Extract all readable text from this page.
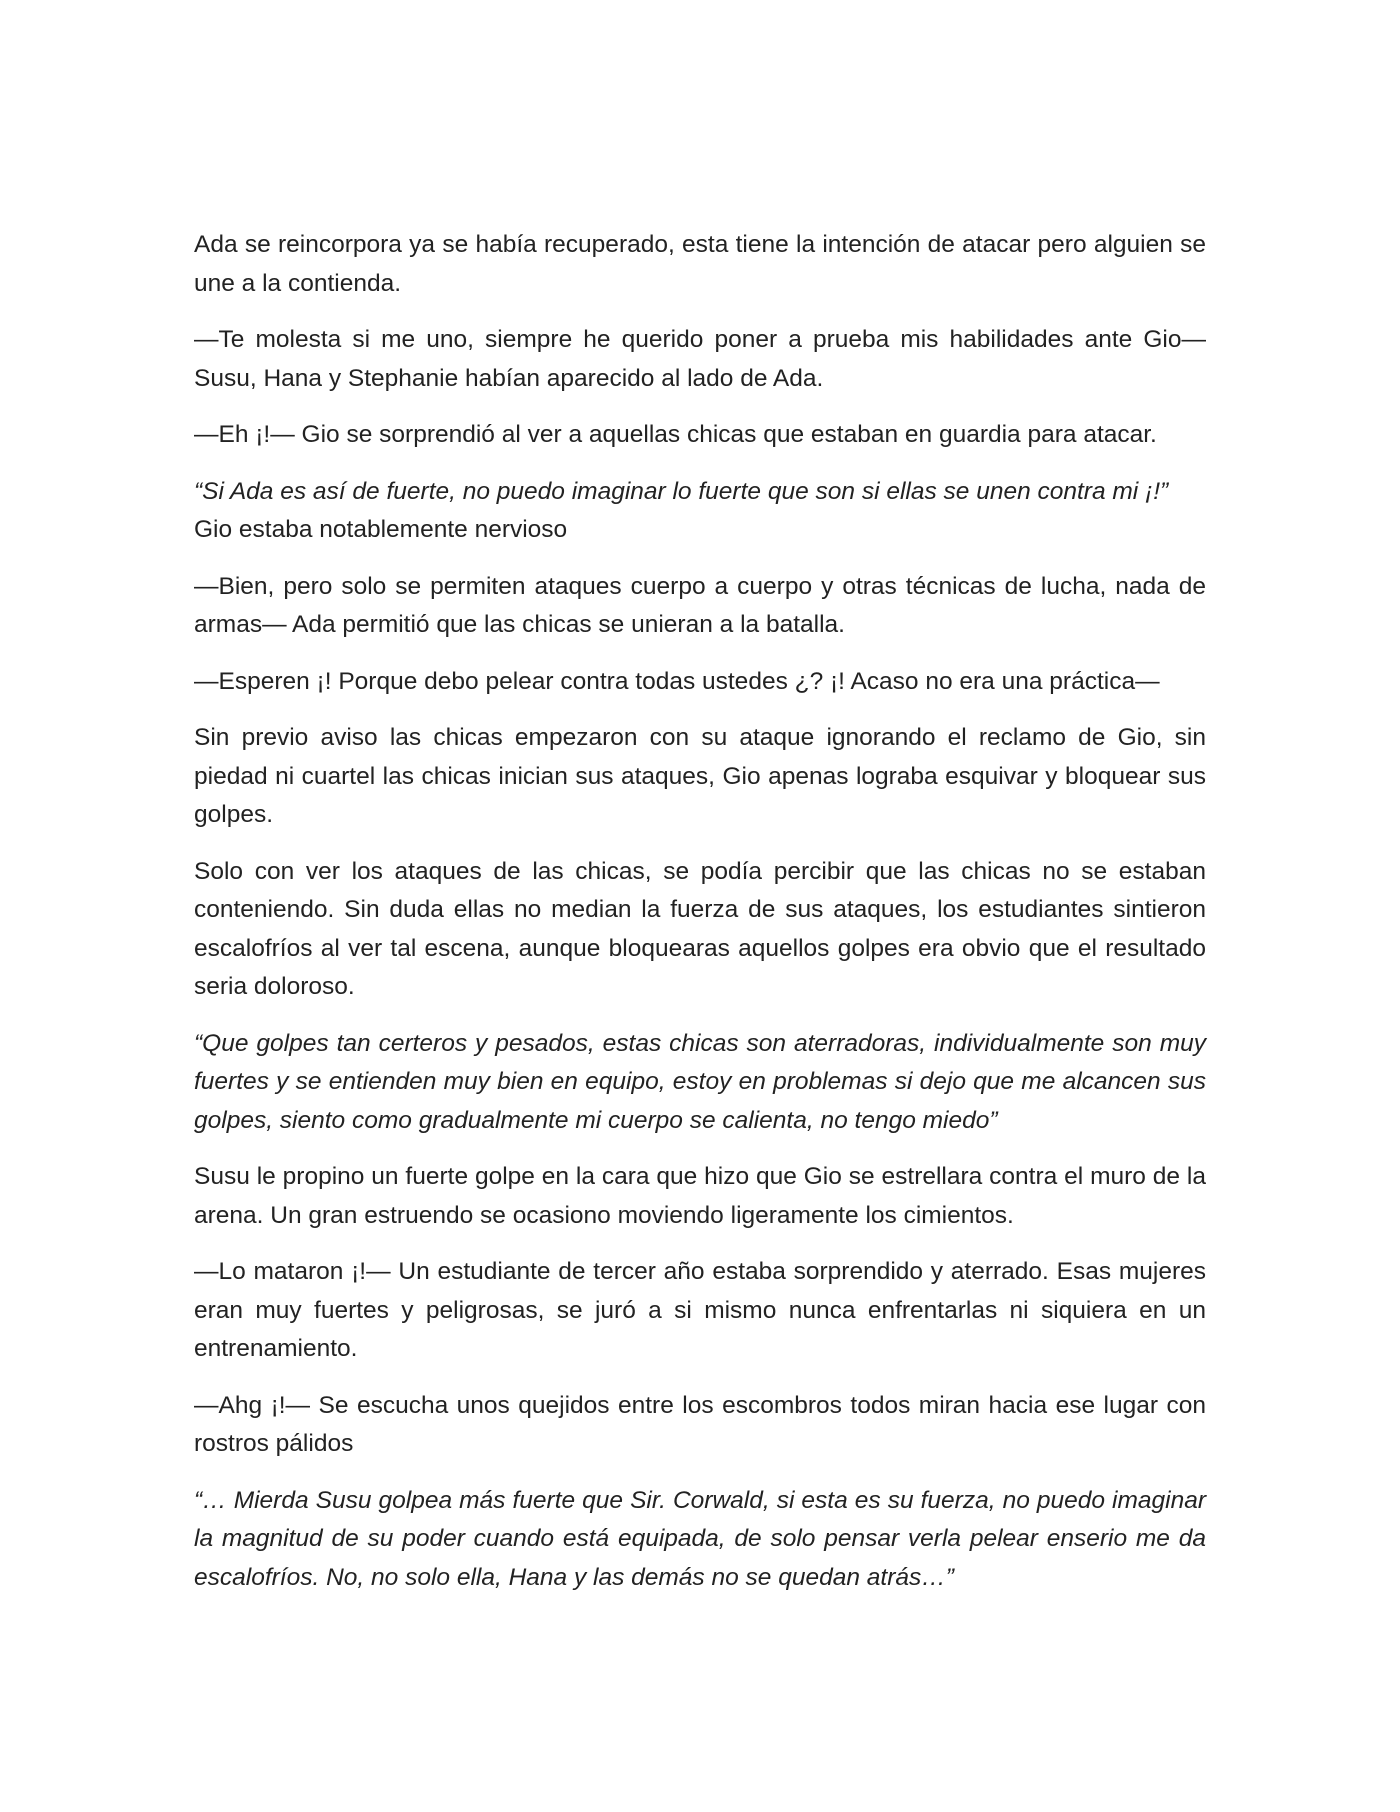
Ada se reincorpora ya se había recuperado, esta tiene la intención de atacar pero alguien se une a la contienda.

—Te molesta si me uno, siempre he querido poner a prueba mis habilidades ante Gio— Susu, Hana y Stephanie habían aparecido al lado de Ada.

—Eh ¡!— Gio se sorprendió al ver a aquellas chicas que estaban en guardia para atacar.

“Si Ada es así de fuerte, no puedo imaginar lo fuerte que son si ellas se unen contra mi ¡!”
Gio estaba notablemente nervioso

—Bien, pero solo se permiten ataques cuerpo a cuerpo y otras técnicas de lucha, nada de armas— Ada permitió que las chicas se unieran a la batalla.

—Esperen ¡! Porque debo pelear contra todas ustedes ¿? ¡! Acaso no era una práctica—

Sin previo aviso las chicas empezaron con su ataque ignorando el reclamo de Gio, sin piedad ni cuartel las chicas inician sus ataques, Gio apenas lograba esquivar y bloquear sus golpes.

Solo con ver los ataques de las chicas, se podía percibir que las chicas no se estaban conteniendo. Sin duda ellas no median la fuerza de sus ataques, los estudiantes sintieron escalofríos al ver tal escena, aunque bloquearas aquellos golpes era obvio que el resultado seria doloroso.

“Que golpes tan certeros y pesados, estas chicas son aterradoras, individualmente son muy fuertes y se entienden muy bien en equipo, estoy en problemas si dejo que me alcancen sus golpes, siento como gradualmente mi cuerpo se calienta, no tengo miedo”

Susu le propino un fuerte golpe en la cara que hizo que Gio se estrellara contra el muro de la arena. Un gran estruendo se ocasiono moviendo ligeramente los cimientos.

—Lo mataron ¡!— Un estudiante de tercer año estaba sorprendido y aterrado. Esas mujeres eran muy fuertes y peligrosas, se juró a si mismo nunca enfrentarlas ni siquiera en un entrenamiento.

—Ahg ¡!— Se escucha unos quejidos entre los escombros todos miran hacia ese lugar con rostros pálidos

“… Mierda Susu golpea más fuerte que Sir. Corwald, si esta es su fuerza, no puedo imaginar la magnitud de su poder cuando está equipada, de solo pensar verla pelear enserio me da escalofríos. No, no solo ella, Hana y las demás no se quedan atrás…”
